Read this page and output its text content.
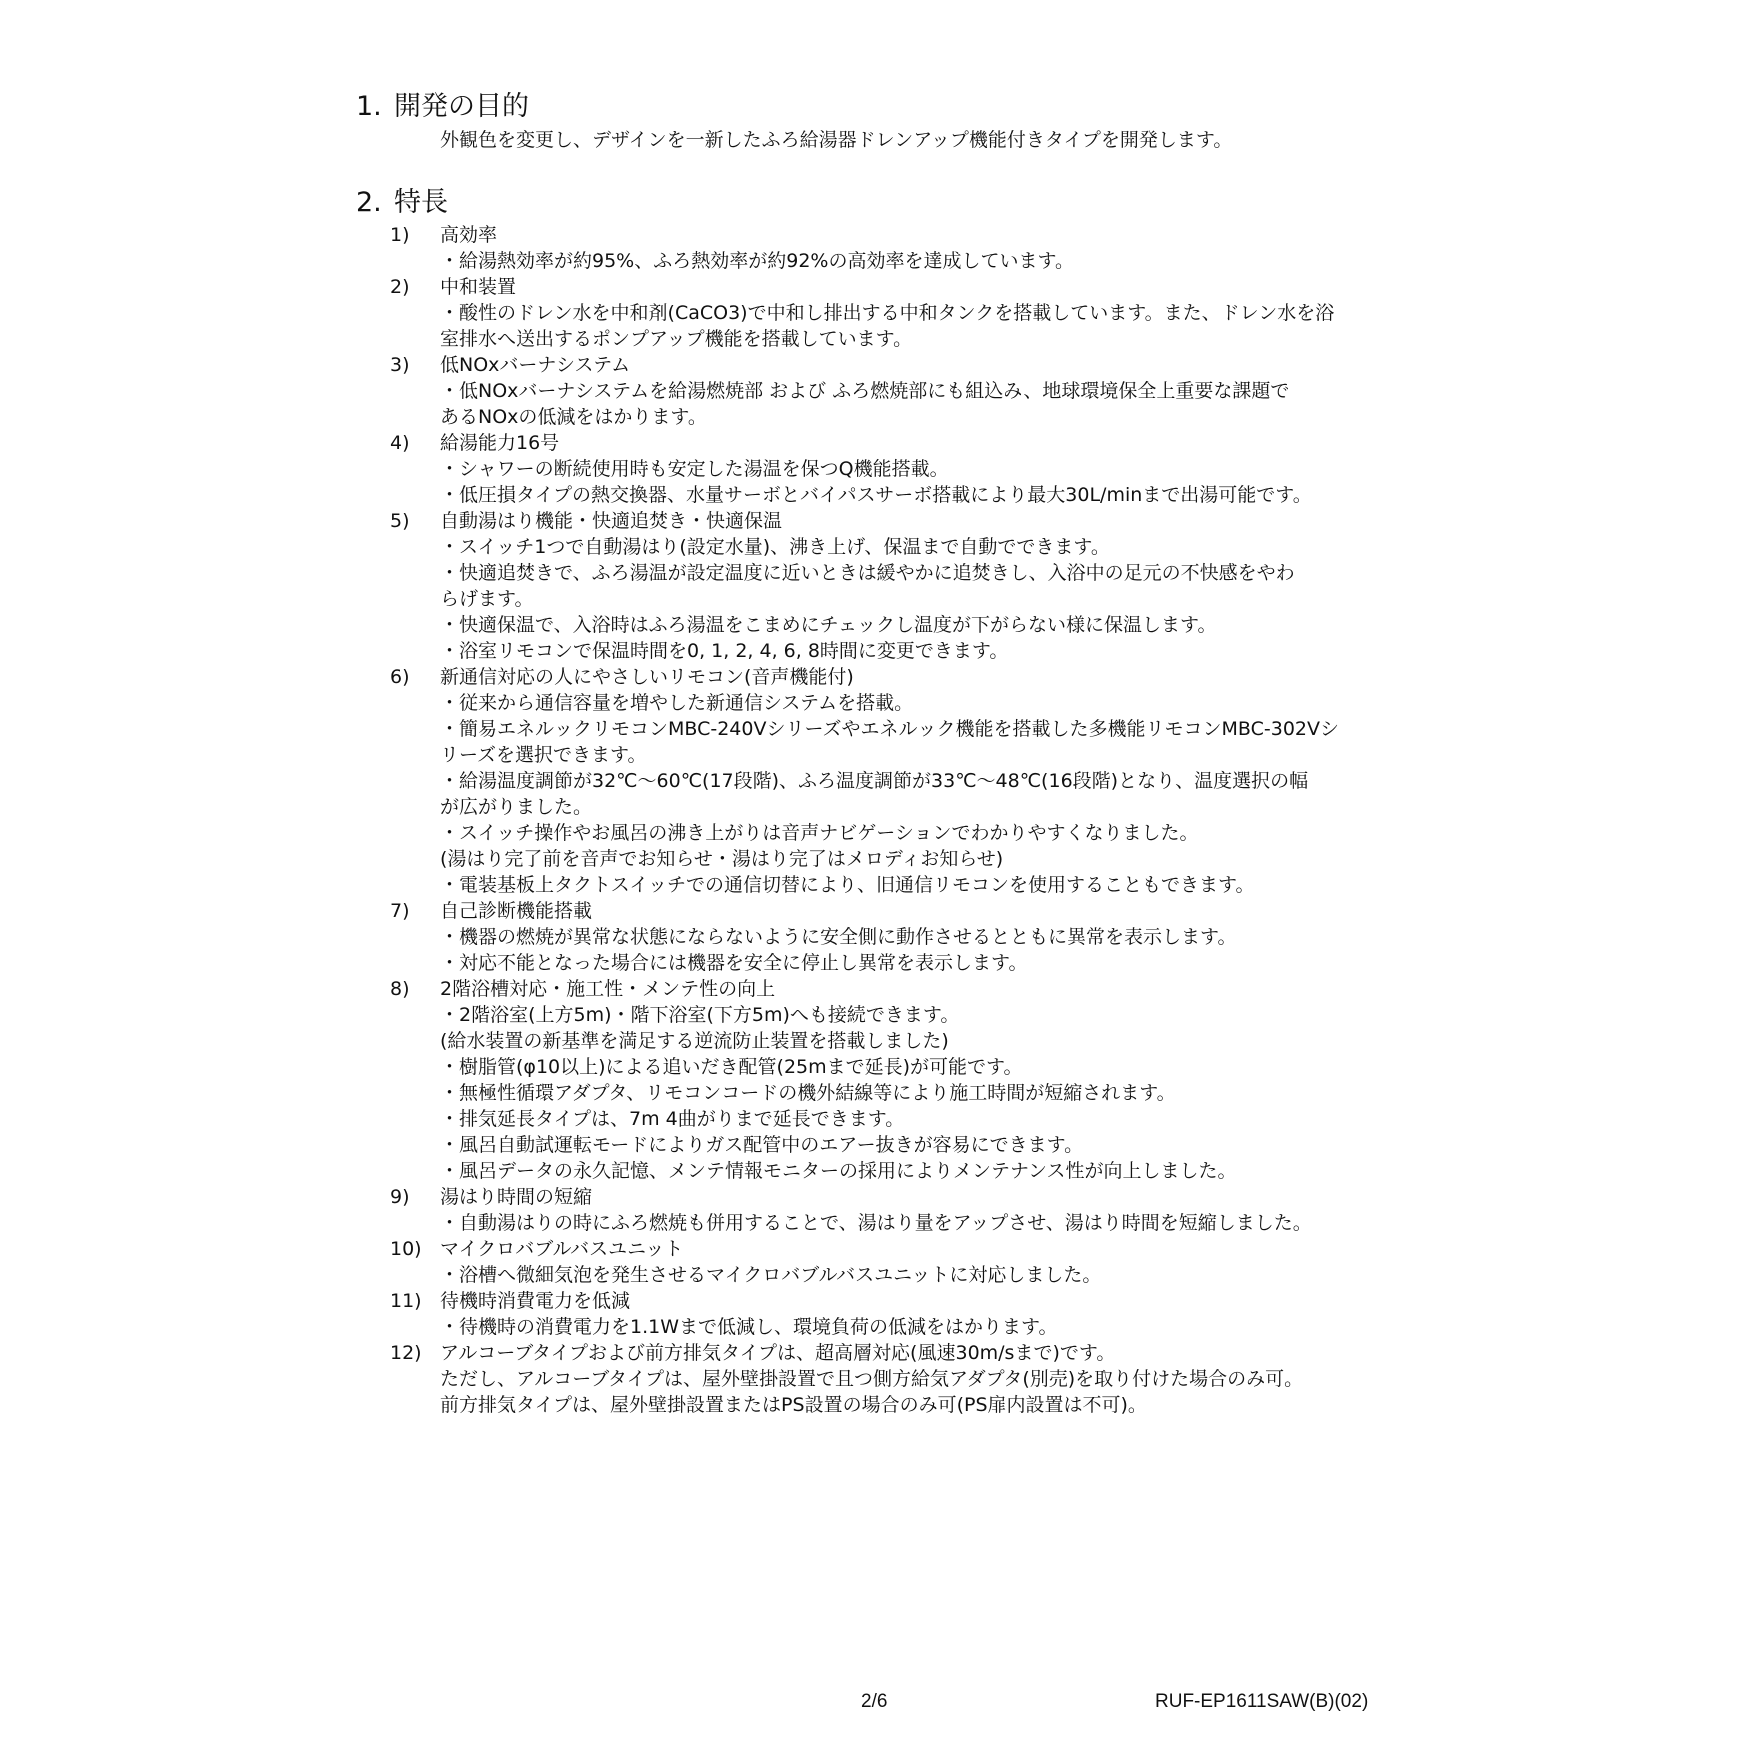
1. 開発の目的
外観色を変更し、デザインを一新したふろ給湯器ドレンアップ機能付きタイプを開発します。
2. 特長
1) 高効率
・給湯熱効率が約95%、ふろ熱効率が約92%の高効率を達成しています。
2) 中和装置
・酸性のドレン水を中和剤(CaCO3)で中和し排出する中和タンクを搭載しています。また、ドレン水を浴
室排水へ送出するポンプアップ機能を搭載しています。
3) 低NOxバーナシステム
・低NOxバーナシステムを給湯燃焼部 および ふろ燃焼部にも組込み、地球環境保全上重要な課題で
あるNOxの低減をはかります。
4) 給湯能力16号
・シャワーの断続使用時も安定した湯温を保つQ機能搭載。
・低圧損タイプの熱交換器、水量サーボとバイパスサーボ搭載により最大30L/minまで出湯可能です。
5) 自動湯はり機能・快適追焚き・快適保温
・スイッチ1つで自動湯はり(設定水量)、沸き上げ、保温まで自動でできます。
・快適追焚きで、ふろ湯温が設定温度に近いときは緩やかに追焚きし、入浴中の足元の不快感をやわ
らげます。
・快適保温で、入浴時はふろ湯温をこまめにチェックし温度が下がらない様に保温します。
・浴室リモコンで保温時間を0, 1, 2, 4, 6, 8時間に変更できます。
6) 新通信対応の人にやさしいリモコン(音声機能付)
・従来から通信容量を増やした新通信システムを搭載。
・簡易エネルックリモコンMBC-240Vシリーズやエネルック機能を搭載した多機能リモコンMBC-302Vシ
リーズを選択できます。
・給湯温度調節が32℃～60℃(17段階)、ふろ温度調節が33℃～48℃(16段階)となり、温度選択の幅
が広がりました。
・スイッチ操作やお風呂の沸き上がりは音声ナビゲーションでわかりやすくなりました。
(湯はり完了前を音声でお知らせ・湯はり完了はメロディお知らせ)
・電装基板上タクトスイッチでの通信切替により、旧通信リモコンを使用することもできます。
7) 自己診断機能搭載
・機器の燃焼が異常な状態にならないように安全側に動作させるとともに異常を表示します。
・対応不能となった場合には機器を安全に停止し異常を表示します。
8) 2階浴槽対応・施工性・メンテ性の向上
・2階浴室(上方5m)・階下浴室(下方5m)へも接続できます。
(給水装置の新基準を満足する逆流防止装置を搭載しました)
・樹脂管(φ10以上)による追いだき配管(25mまで延長)が可能です。
・無極性循環アダプタ、リモコンコードの機外結線等により施工時間が短縮されます。
・排気延長タイプは、7m 4曲がりまで延長できます。
・風呂自動試運転モードによりガス配管中のエアー抜きが容易にできます。
・風呂データの永久記憶、メンテ情報モニターの採用によりメンテナンス性が向上しました。
9) 湯はり時間の短縮
・自動湯はりの時にふろ燃焼も併用することで、湯はり量をアップさせ、湯はり時間を短縮しました。
10) マイクロバブルバスユニット
・浴槽へ微細気泡を発生させるマイクロバブルバスユニットに対応しました。
11) 待機時消費電力を低減
・待機時の消費電力を1.1Wまで低減し、環境負荷の低減をはかります。
12) アルコーブタイプおよび前方排気タイプは、超高層対応(風速30m/sまで)です。
ただし、アルコーブタイプは、屋外壁掛設置で且つ側方給気アダプタ(別売)を取り付けた場合のみ可。
前方排気タイプは、屋外壁掛設置またはPS設置の場合のみ可(PS扉内設置は不可)。
2/6	RUF-EP1611SAW(B)(02)
